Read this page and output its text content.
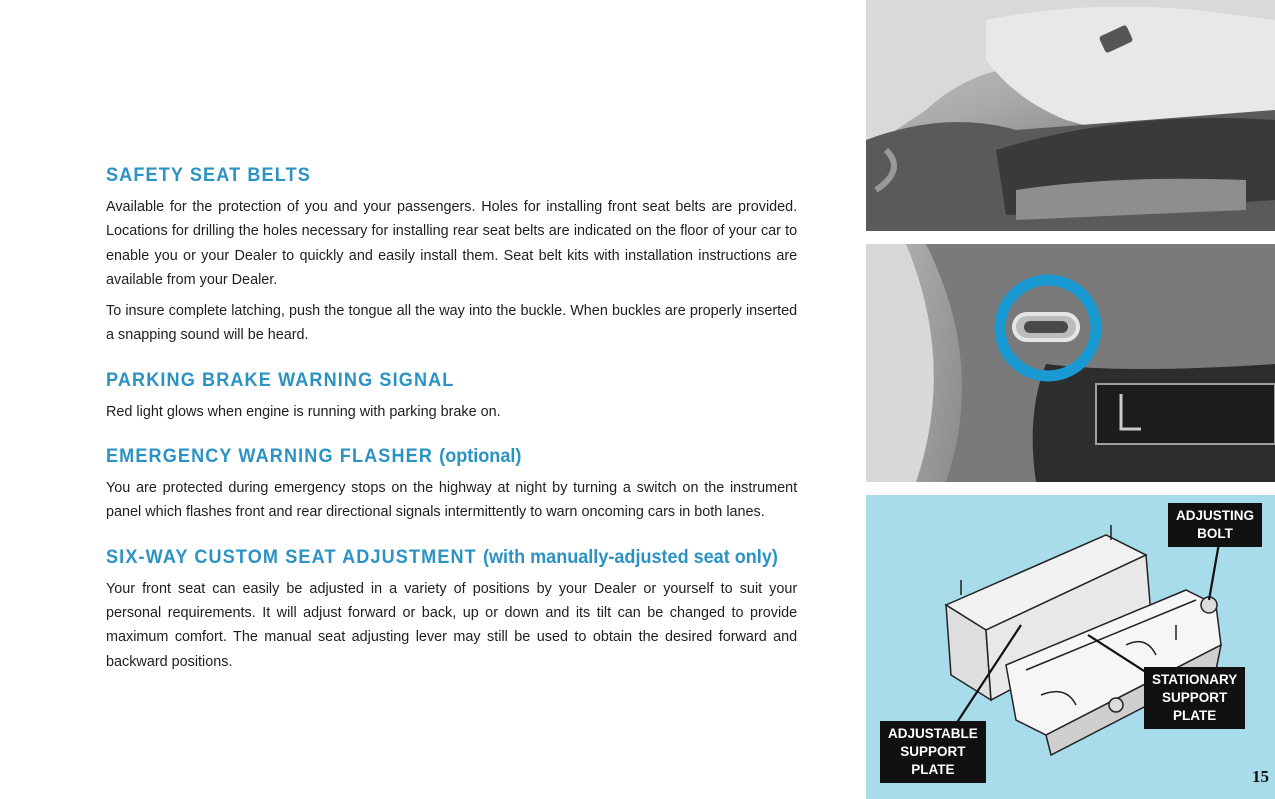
SAFETY SEAT BELTS

Available for the protection of you and your passengers. Holes for installing front seat belts are provided. Locations for drilling the holes necessary for installing rear seat belts are indicated on the floor of your car to enable you or your Dealer to quickly and easily install them. Seat belt kits with installation instructions are available from your Dealer.

To insure complete latching, push the tongue all the way into the buckle. When buckles are properly inserted a snapping sound will be heard.

PARKING BRAKE WARNING SIGNAL

Red light glows when engine is running with parking brake on.

EMERGENCY WARNING FLASHER (optional)

You are protected during emergency stops on the highway at night by turning a switch on the instrument panel which flashes front and rear directional signals intermittently to warn oncoming cars in both lanes.

SIX-WAY CUSTOM SEAT ADJUSTMENT (with manually-adjusted seat only)

Your front seat can easily be adjusted in a variety of positions by your Dealer or yourself to suit your personal requirements. It will adjust forward or back, up or down and its tilt can be changed to provide maximum comfort. The manual seat adjusting lever may still be used to obtain the desired forward and backward positions.

ADJUSTING
BOLT
STATIONARY
SUPPORT
PLATE
ADJUSTABLE
SUPPORT
PLATE	15
